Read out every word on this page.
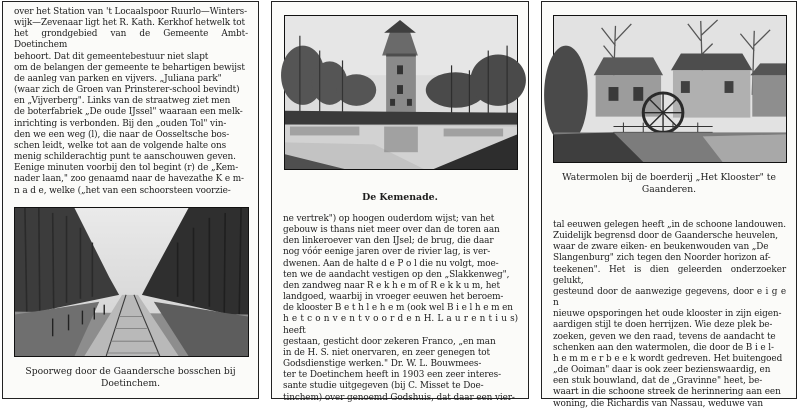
over het Station van 't Locaalspoor Ruurlo—Winters-

wijk—Zevenaar ligt het R. Kath. Kerkhof hetwelk tot

het grondgebied van de Gemeente Ambt-Doetinchem

behoort. Dat dit gemeentebestuur niet slapt

om de belangen der gemeente te behartigen bewijst

de aanleg van parken en vijvers. „Juliana park"

(waar zich de Groen van Prinsterer-school bevindt)

en „Vijverberg". Links van de straatweg ziet men

de boterfabriek „De oude IJssel" waaraan een melk-

inrichting is verbonden. Bij den „ouden Tol" vin-

den we een weg (l), die naar de Oosseltsche bos-

schen leidt, welke tot aan de volgende halte ons

menig schilderachtig punt te aanschouwen geven.

Eenige minuten voorbij den tol begint (r) de „Kem-

nader laan," zoo genaamd naar de havezathe K e m-

n a d e, welke („het van een schoorsteen voorzie-

Spoorweg door de Gaandersche bosschen bij Doetinchem.
De Kemenade.

ne vertrek") op hoogen ouderdom wijst; van het

gebouw is thans niet meer over dan de toren aan

den linkeroever van den IJsel; de brug, die daar

nog vóór eenige jaren over de rivier lag, is ver-

dwenen. Aan de halte d e P o l die nu volgt, moe-

ten we de aandacht vestigen op den „Slakkenweg",

den zandweg naar R e k h e m of R e k k u m, het

landgoed, waarbij in vroeger eeuwen het beroem-

de klooster B e t h l e h e m (ook wel B i e l h e m en

h e t c o n v e n t v o o r d e n H. L a u r e n t i u s) heeft

gestaan, gesticht door zekeren Franco, „en man

in de H. S. niet onervaren, en zeer genegen tot

Godsdienstige werken." Dr. W. L. Bouwmees-

ter te Doetinchem heeft in 1903 een zeer interes-

sante studie uitgegeven (bij C. Misset te Doe-

tinchem) over genoemd Godshuis, dat daar een vier-

Watermolen bij de boerderij „Het Klooster" te Gaanderen.

tal eeuwen gelegen heeft „in de schoone landouwen.

Zuidelijk begrensd door de Gaandersche heuvelen,

waar de zware eiken- en beukenwouden van „De

Slangenburg" zich tegen den Noorder horizon af-

teekenen". Het is dien geleerden onderzoeker gelukt,

gesteund door de aanwezige gegevens, door e i g e n

nieuwe opsporingen het oude klooster in zijn eigen-

aardigen stijl te doen herrijzen. Wie deze plek be-

zoeken, geven we den raad, tevens de aandacht te

schenken aan den watermolen, die door de B i e l-

h e m m e r b e e k wordt gedreven. Het buitengoed

„de Ooiman" daar is ook zeer bezienswaardig, en

een stuk bouwland, dat de „Gravinne" heet, be-

waart in die schoone streek de herinnering aan een

woning, die Richardis van Nassau, weduwe van
